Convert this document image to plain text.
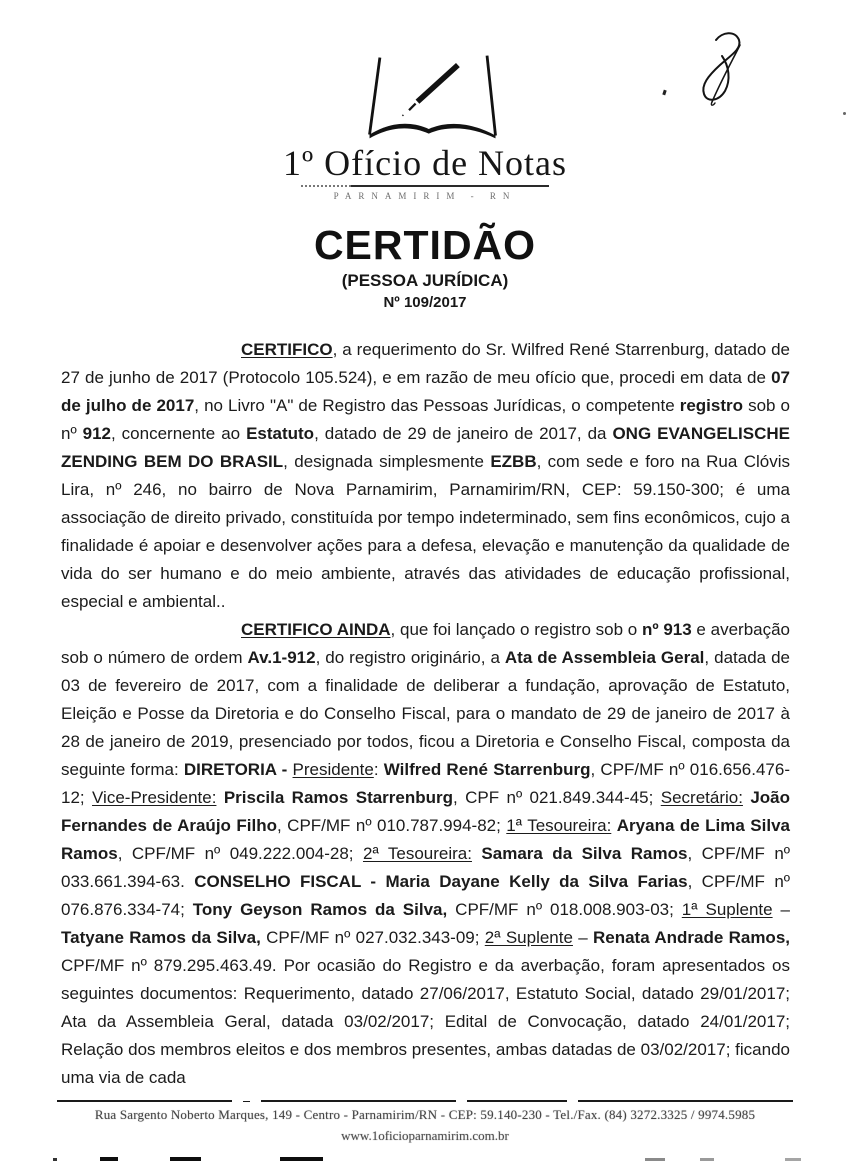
1º Ofício de Notas
PARNAMIRIM - RN
CERTIDÃO
(PESSOA JURÍDICA)
Nº 109/2017

CERTIFICO, a requerimento do Sr. Wilfred René Starrenburg, datado de 27 de junho de 2017 (Protocolo 105.524), e em razão de meu ofício que, procedi em data de 07 de julho de 2017, no Livro "A" de Registro das Pessoas Jurídicas, o competente registro sob o nº 912, concernente ao Estatuto, datado de 29 de janeiro de 2017, da ONG EVANGELISCHE ZENDING BEM DO BRASIL, designada simplesmente EZBB, com sede e foro na Rua Clóvis Lira, nº 246, no bairro de Nova Parnamirim, Parnamirim/RN, CEP: 59.150-300; é uma associação de direito privado, constituída por tempo indeterminado, sem fins econômicos, cujo a finalidade é apoiar e desenvolver ações para a defesa, elevação e manutenção da qualidade de vida do ser humano e do meio ambiente, através das atividades de educação profissional, especial e ambiental..

CERTIFICO AINDA, que foi lançado o registro sob o nº 913 e averbação sob o número de ordem Av.1-912, do registro originário, a Ata de Assembleia Geral, datada de 03 de fevereiro de 2017, com a finalidade de deliberar a fundação, aprovação de Estatuto, Eleição e Posse da Diretoria e do Conselho Fiscal, para o mandato de 29 de janeiro de 2017 à 28 de janeiro de 2019, presenciado por todos, ficou a Diretoria e Conselho Fiscal, composta da seguinte forma: DIRETORIA - Presidente: Wilfred René Starrenburg, CPF/MF nº 016.656.476-12; Vice-Presidente: Priscila Ramos Starrenburg, CPF nº 021.849.344-45; Secretário: João Fernandes de Araújo Filho, CPF/MF nº 010.787.994-82; 1ª Tesoureira: Aryana de Lima Silva Ramos, CPF/MF nº 049.222.004-28; 2ª Tesoureira: Samara da Silva Ramos, CPF/MF nº 033.661.394-63. CONSELHO FISCAL - Maria Dayane Kelly da Silva Farias, CPF/MF nº 076.876.334-74; Tony Geyson Ramos da Silva, CPF/MF nº 018.008.903-03; 1ª Suplente – Tatyane Ramos da Silva, CPF/MF nº 027.032.343-09; 2ª Suplente – Renata Andrade Ramos, CPF/MF nº 879.295.463.49. Por ocasião do Registro e da averbação, foram apresentados os seguintes documentos: Requerimento, datado 27/06/2017, Estatuto Social, datado 29/01/2017; Ata da Assembleia Geral, datada 03/02/2017; Edital de Convocação, datado 24/01/2017; Relação dos membros eleitos e dos membros presentes, ambas datadas de 03/02/2017; ficando uma via de cada

Rua Sargento Noberto Marques, 149 - Centro - Parnamirim/RN - CEP: 59.140-230 - Tel./Fax. (84) 3272.3325 / 9974.5985
www.1oficioparnamirim.com.br
